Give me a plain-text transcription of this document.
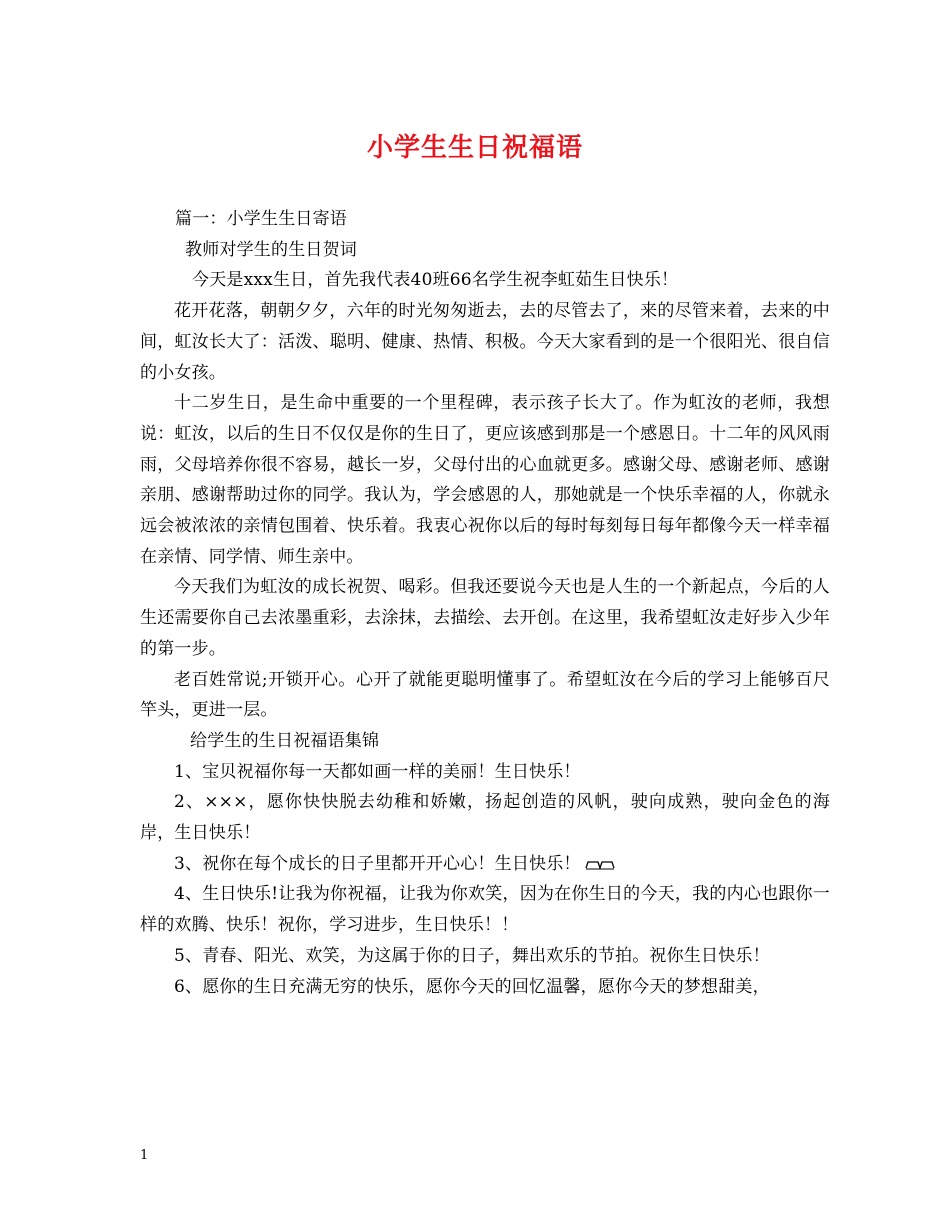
小学生生日祝福语

篇一：小学生生日寄语

教师对学生的生日贺词

今天是xxx生日，首先我代表40班66名学生祝李虹茹生日快乐！

花开花落，朝朝夕夕，六年的时光匆匆逝去，去的尽管去了，来的尽管来着，去来的中间，虹汝长大了：活泼、聪明、健康、热情、积极。今天大家看到的是一个很阳光、很自信的小女孩。

十二岁生日，是生命中重要的一个里程碑，表示孩子长大了。作为虹汝的老师，我想说：虹汝，以后的生日不仅仅是你的生日了，更应该感到那是一个感恩日。十二年的风风雨雨，父母培养你很不容易，越长一岁，父母付出的心血就更多。感谢父母、感谢老师、感谢亲朋、感谢帮助过你的同学。我认为，学会感恩的人，那她就是一个快乐幸福的人，你就永远会被浓浓的亲情包围着、快乐着。我衷心祝你以后的每时每刻每日每年都像今天一样幸福在亲情、同学情、师生亲中。

今天我们为虹汝的成长祝贺、喝彩。但我还要说今天也是人生的一个新起点，今后的人生还需要你自己去浓墨重彩，去涂抹，去描绘、去开创。在这里，我希望虹汝走好步入少年的第一步。

老百姓常说;开锁开心。心开了就能更聪明懂事了。希望虹汝在今后的学习上能够百尺竿头，更进一层。

给学生的生日祝福语集锦

1、宝贝祝福你每一天都如画一样的美丽！生日快乐！

2、×××，愿你快快脱去幼稚和娇嫩，扬起创造的风帆，驶向成熟，驶向金色的海岸，生日快乐！

3、祝你在每个成长的日子里都开开心心！生日快乐！

4、生日快乐!让我为你祝福，让我为你欢笑，因为在你生日的今天，我的内心也跟你一样的欢腾、快乐！祝你，学习进步，生日快乐！！

5、青春、阳光、欢笑，为这属于你的日子，舞出欢乐的节拍。祝你生日快乐！

6、愿你的生日充满无穷的快乐，愿你今天的回忆温馨，愿你今天的梦想甜美，

1
